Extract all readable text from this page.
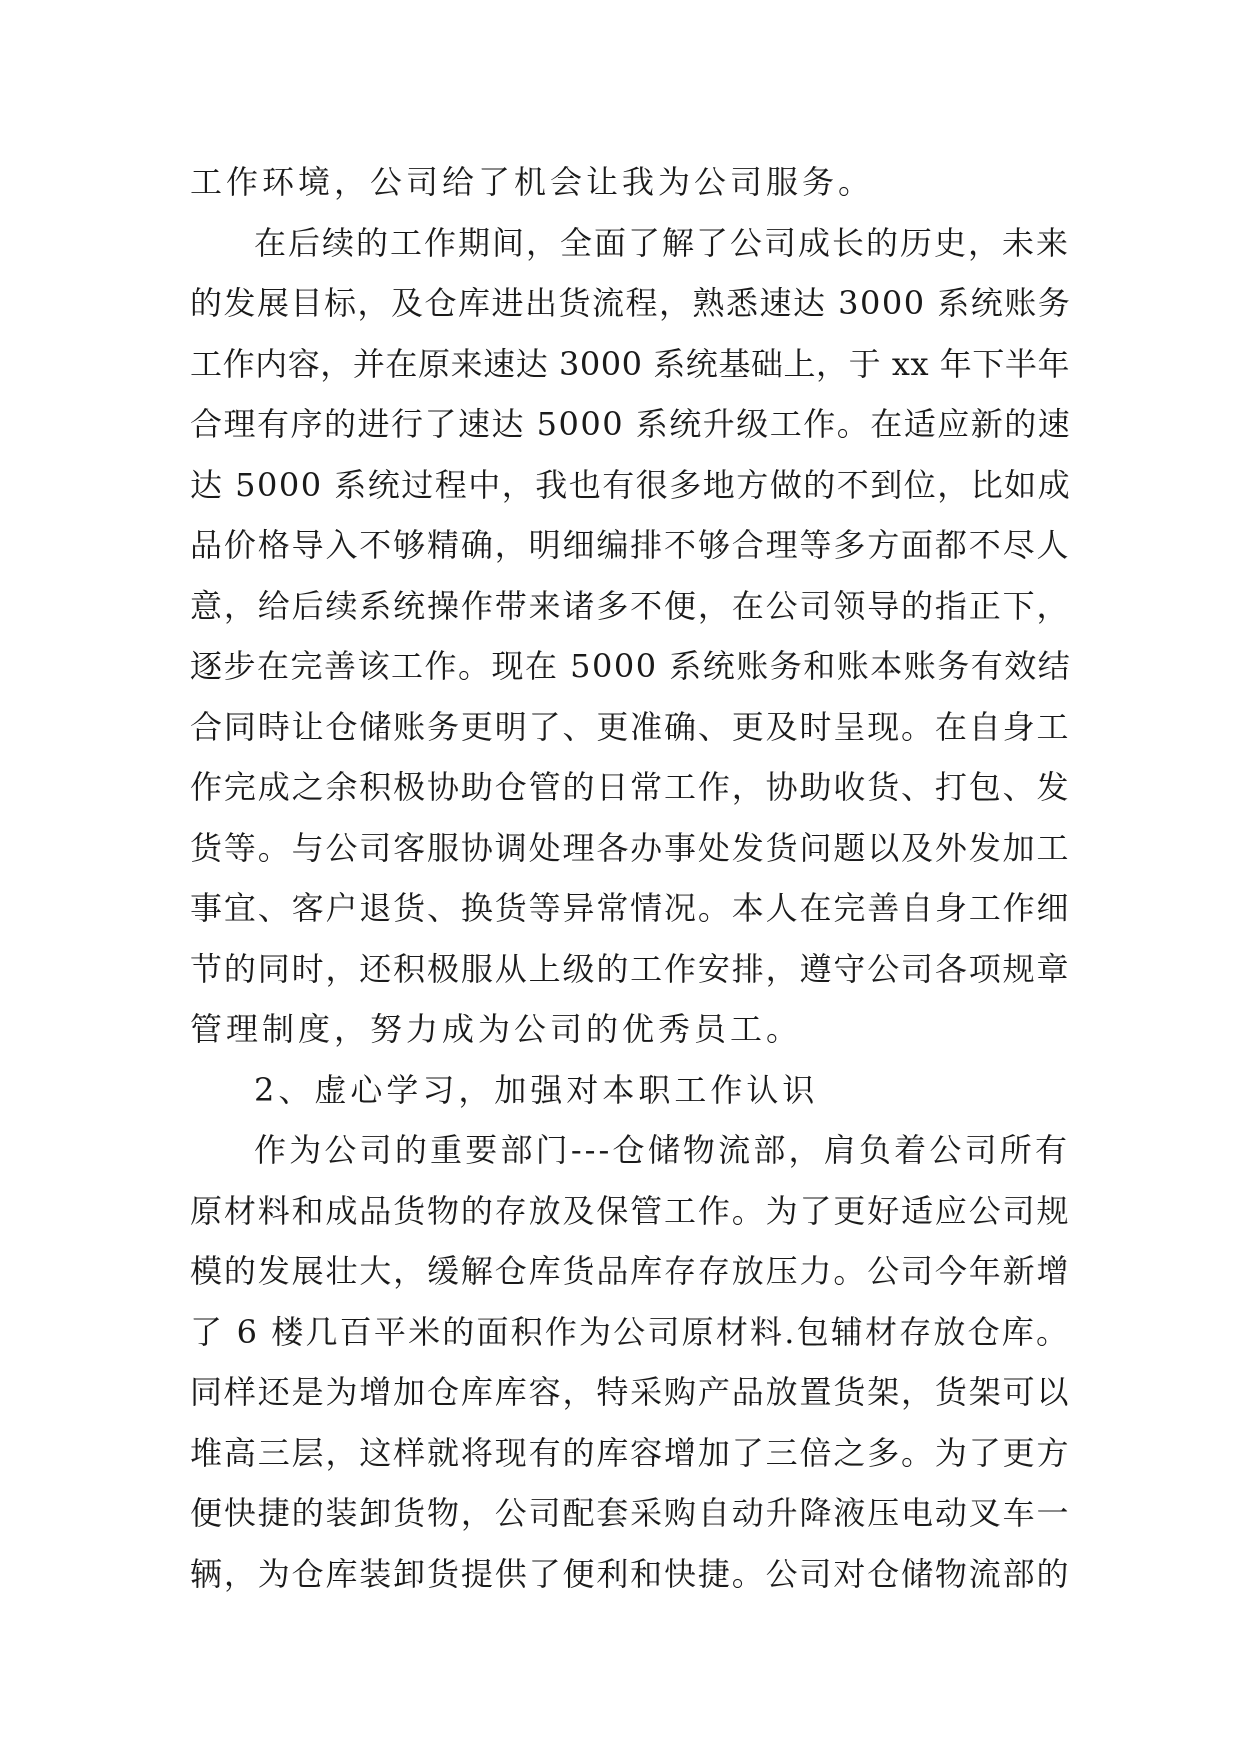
工作环境，公司给了机会让我为公司服务。
在后续的工作期间，全面了解了公司成长的历史，未来
的发展目标，及仓库进出货流程，熟悉速达 3000 系统账务
工作内容，并在原来速达 3000 系统基础上，于 xx 年下半年
合理有序的进行了速达 5000 系统升级工作。在适应新的速
达 5000 系统过程中，我也有很多地方做的不到位，比如成
品价格导入不够精确，明细编排不够合理等多方面都不尽人
意，给后续系统操作带来诸多不便，在公司领导的指正下，
逐步在完善该工作。现在 5000 系统账务和账本账务有效结
合同時让仓储账务更明了、更准确、更及时呈现。在自身工
作完成之余积极协助仓管的日常工作，协助收货、打包、发
货等。与公司客服协调处理各办事处发货问题以及外发加工
事宜、客户退货、换货等异常情况。本人在完善自身工作细
节的同时，还积极服从上级的工作安排，遵守公司各项规章
管理制度，努力成为公司的优秀员工。
2、虚心学习，加强对本职工作认识
作为公司的重要部门---仓储物流部，肩负着公司所有
原材料和成品货物的存放及保管工作。为了更好适应公司规
模的发展壮大，缓解仓库货品库存存放压力。公司今年新增
了 6 楼几百平米的面积作为公司原材料.包辅材存放仓库。
同样还是为增加仓库库容，特采购产品放置货架，货架可以
堆高三层，这样就将现有的库容增加了三倍之多。为了更方
便快捷的装卸货物，公司配套采购自动升降液压电动叉车一
辆，为仓库装卸货提供了便利和快捷。公司对仓储物流部的
